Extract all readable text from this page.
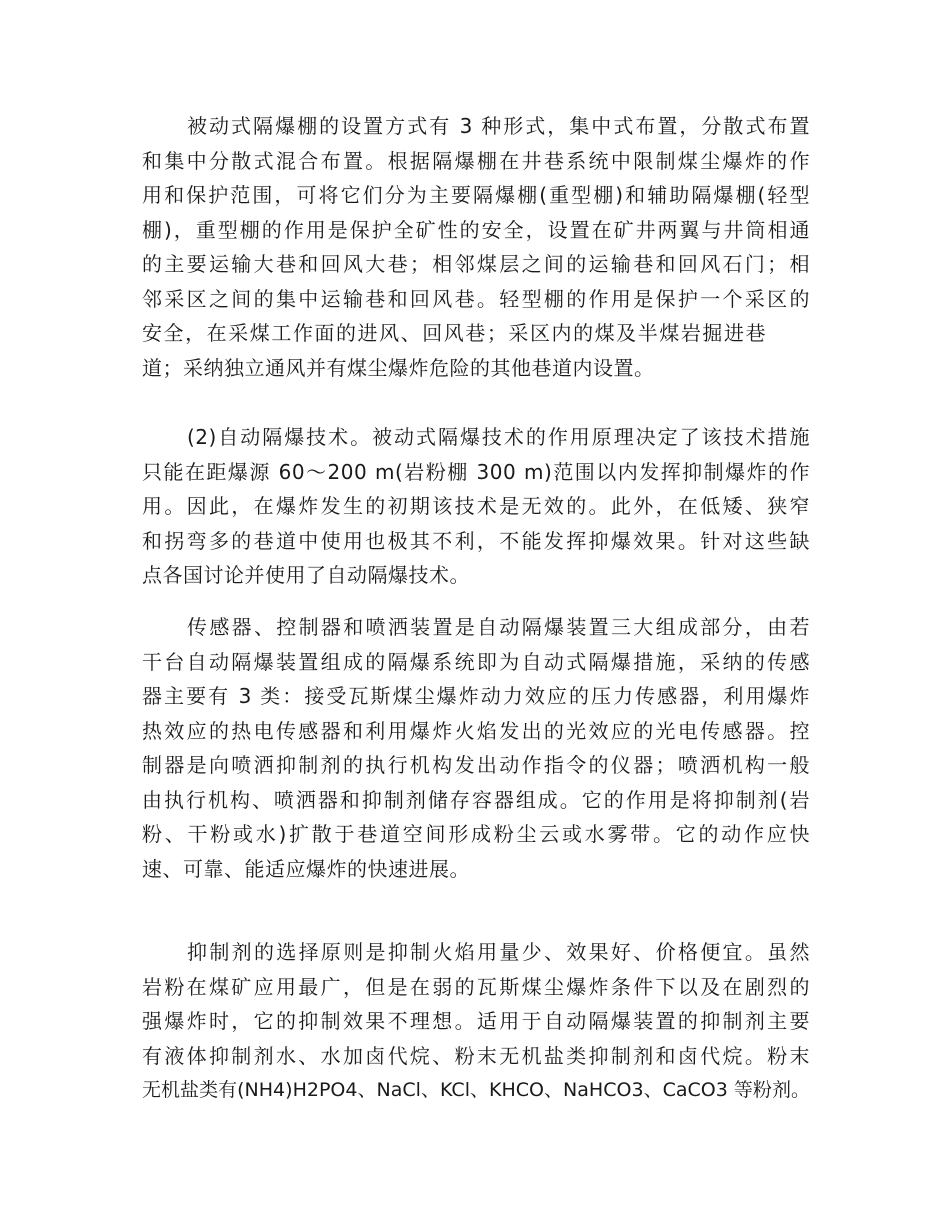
被动式隔爆棚的设置方式有 3 种形式，集中式布置，分散式布置
和集中分散式混合布置。根据隔爆棚在井巷系统中限制煤尘爆炸的作
用和保护范围，可将它们分为主要隔爆棚(重型棚)和辅助隔爆棚(轻型
棚)，重型棚的作用是保护全矿性的安全，设置在矿井两翼与井筒相通
的主要运输大巷和回风大巷；相邻煤层之间的运输巷和回风石门；相
邻采区之间的集中运输巷和回风巷。轻型棚的作用是保护一个采区的
安全，在采煤工作面的进风、回风巷；采区内的煤及半煤岩掘进巷
道；采纳独立通风并有煤尘爆炸危险的其他巷道内设置。
(2)自动隔爆技术。被动式隔爆技术的作用原理决定了该技术措施
只能在距爆源 60～200 m(岩粉棚 300 m)范围以内发挥抑制爆炸的作
用。因此，在爆炸发生的初期该技术是无效的。此外，在低矮、狭窄
和拐弯多的巷道中使用也极其不利，不能发挥抑爆效果。针对这些缺
点各国讨论并使用了自动隔爆技术。
传感器、控制器和喷洒装置是自动隔爆装置三大组成部分，由若
干台自动隔爆装置组成的隔爆系统即为自动式隔爆措施，采纳的传感
器主要有 3 类：接受瓦斯煤尘爆炸动力效应的压力传感器，利用爆炸
热效应的热电传感器和利用爆炸火焰发出的光效应的光电传感器。控
制器是向喷洒抑制剂的执行机构发出动作指令的仪器；喷洒机构一般
由执行机构、喷洒器和抑制剂储存容器组成。它的作用是将抑制剂(岩
粉、干粉或水)扩散于巷道空间形成粉尘云或水雾带。它的动作应快
速、可靠、能适应爆炸的快速进展。
抑制剂的选择原则是抑制火焰用量少、效果好、价格便宜。虽然
岩粉在煤矿应用最广，但是在弱的瓦斯煤尘爆炸条件下以及在剧烈的
强爆炸时，它的抑制效果不理想。适用于自动隔爆装置的抑制剂主要
有液体抑制剂水、水加卤代烷、粉末无机盐类抑制剂和卤代烷。粉末
无机盐类有(NH4)H2PO4、NaCl、KCl、KHCO、NaHCO3、CaCO3 等粉剂。
